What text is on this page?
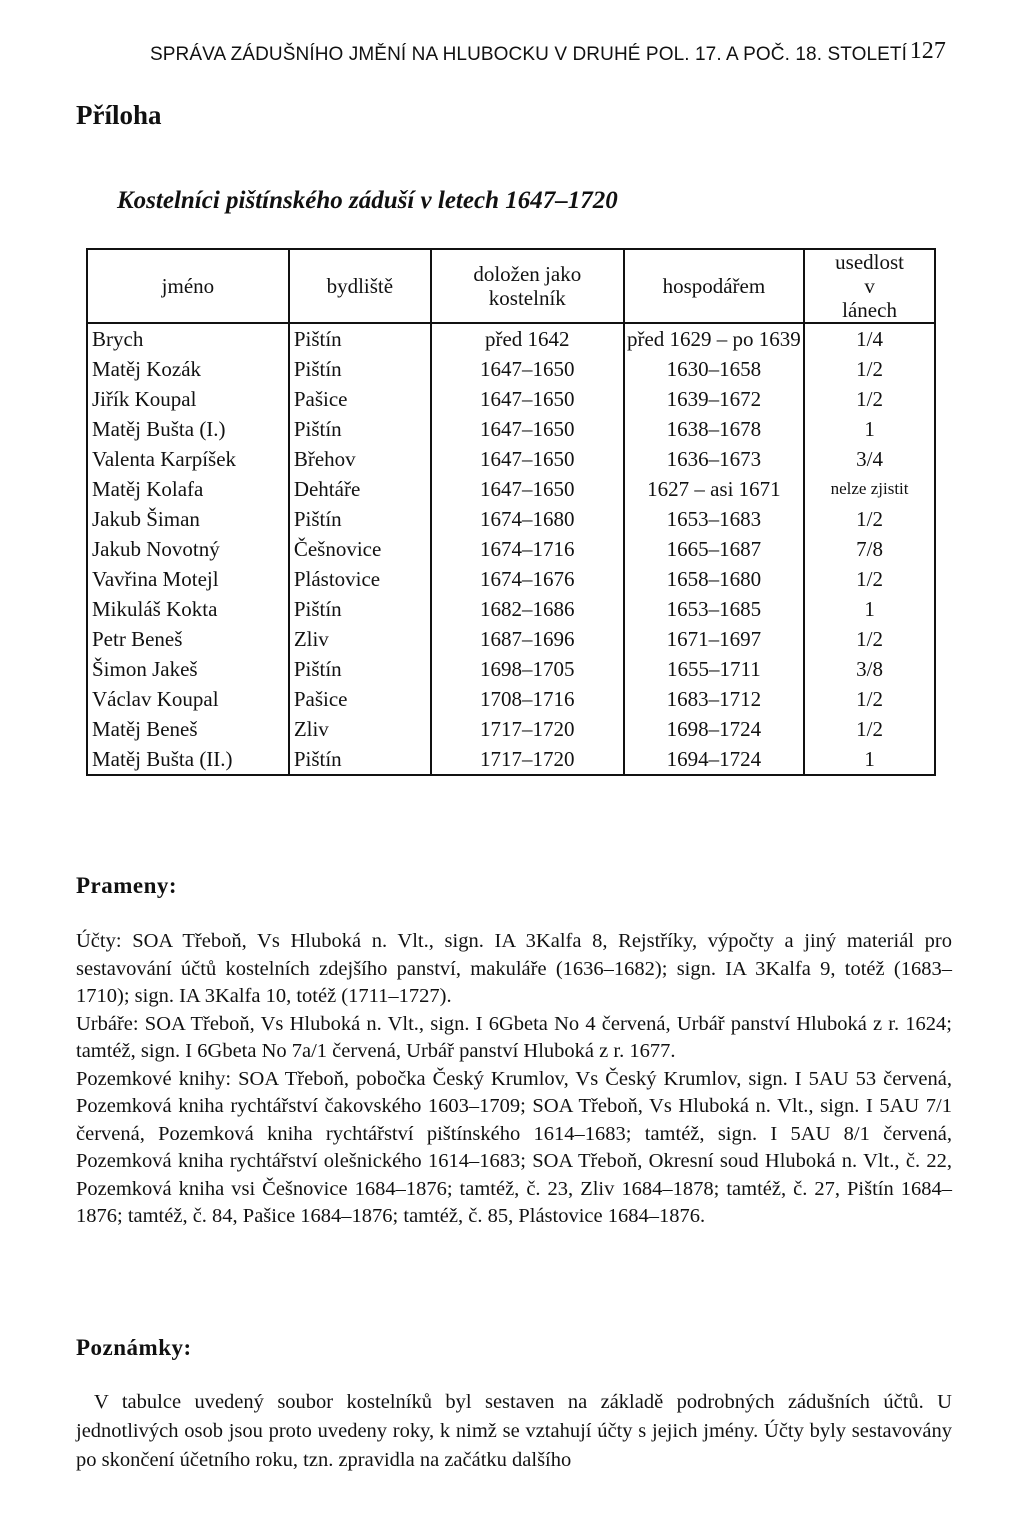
SPRÁVA ZÁDUŠNÍHO JMĚNÍ NA HLUBOCKU V DRUHÉ POL. 17. A POČ. 18. STOLETÍ 127
Příloha
Kostelníci pištínského záduší v letech 1647–1720
jméno	bydliště	doložen jako kostelník	hospodářem	usedlost v lánech
Brych	Pištín	před 1642	před 1629 – po 1639	1/4
Matěj Kozák	Pištín	1647–1650	1630–1658	1/2
Jiřík Koupal	Pašice	1647–1650	1639–1672	1/2
Matěj Bušta (I.)	Pištín	1647–1650	1638–1678	1
Valenta Karpíšek	Břehov	1647–1650	1636–1673	3/4
Matěj Kolafa	Dehtáře	1647–1650	1627 – asi 1671	nelze zjistit
Jakub Šiman	Pištín	1674–1680	1653–1683	1/2
Jakub Novotný	Češnovice	1674–1716	1665–1687	7/8
Vavřina Motejl	Plástovice	1674–1676	1658–1680	1/2
Mikuláš Kokta	Pištín	1682–1686	1653–1685	1
Petr Beneš	Zliv	1687–1696	1671–1697	1/2
Šimon Jakeš	Pištín	1698–1705	1655–1711	3/8
Václav Koupal	Pašice	1708–1716	1683–1712	1/2
Matěj Beneš	Zliv	1717–1720	1698–1724	1/2
Matěj Bušta (II.)	Pištín	1717–1720	1694–1724	1
Prameny:

Účty: SOA Třeboň, Vs Hluboká n. Vlt., sign. IA 3Kalfa 8, Rejstříky, výpočty a jiný materiál pro sestavování účtů kostelních zdejšího panství, makuláře (1636–1682); sign. IA 3Kalfa 9, totéž (1683–1710); sign. IA 3Kalfa 10, totéž (1711–1727).

Urbáře: SOA Třeboň, Vs Hluboká n. Vlt., sign. I 6Gbeta No 4 červená, Urbář panství Hluboká z r. 1624; tamtéž, sign. I 6Gbeta No 7a/1 červená, Urbář panství Hluboká z r. 1677.

Pozemkové knihy: SOA Třeboň, pobočka Český Krumlov, Vs Český Krumlov, sign. I 5AU 53 červená, Pozemková kniha rychtářství čakovského 1603–1709; SOA Třeboň, Vs Hluboká n. Vlt., sign. I 5AU 7/1 červená, Pozemková kniha rychtářství pištínského 1614–1683; tamtéž, sign. I 5AU 8/1 červená, Pozemková kniha rychtářství olešnického 1614–1683; SOA Třeboň, Okresní soud Hluboká n. Vlt., č. 22, Pozemková kniha vsi Češnovice 1684–1876; tamtéž, č. 23, Zliv 1684–1878; tamtéž, č. 27, Pištín 1684–1876; tamtéž, č. 84, Pašice 1684–1876; tamtéž, č. 85, Plástovice 1684–1876.

Poznámky:
V tabulce uvedený soubor kostelníků byl sestaven na základě podrobných zádušních účtů. U jednotlivých osob jsou proto uvedeny roky, k nimž se vztahují účty s jejich jmény. Účty byly sestavovány po skončení účetního roku, tzn. zpravidla na začátku dalšího
